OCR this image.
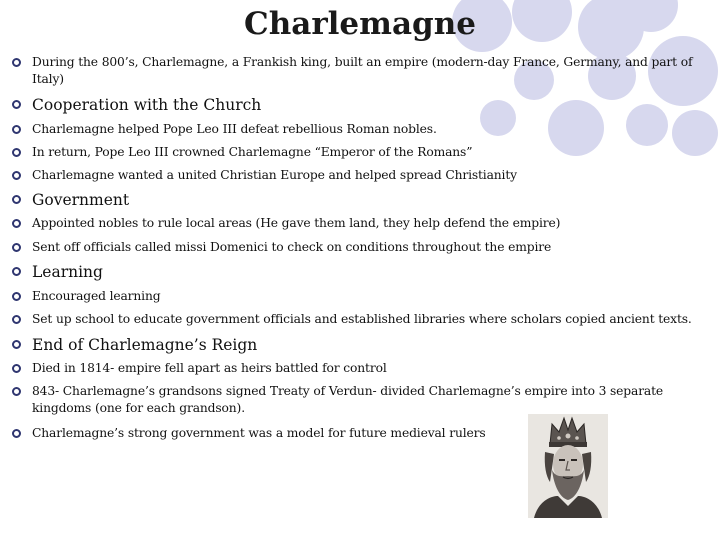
Charlemagne
During the 800’s, Charlemagne, a Frankish king, built an empire (modern-day France, Germany, and part of Italy)
Cooperation with the Church
Charlemagne helped Pope Leo III defeat rebellious Roman nobles.
In return, Pope Leo III crowned Charlemagne “Emperor of the Romans”
Charlemagne wanted a united Christian Europe and helped spread Christianity
Government
Appointed nobles to rule local areas (He gave them land, they help defend the empire)
Sent off officials called missi Domenici to check on conditions throughout the empire
Learning
Encouraged learning
Set up school to educate government officials and established libraries where scholars copied ancient texts.
End of Charlemagne’s Reign
Died in 1814- empire fell apart as heirs battled for control
843- Charlemagne’s grandsons signed Treaty of Verdun- divided Charlemagne’s empire into 3 separate kingdoms (one for each grandson).
Charlemagne’s strong government was a model for future medieval rulers
